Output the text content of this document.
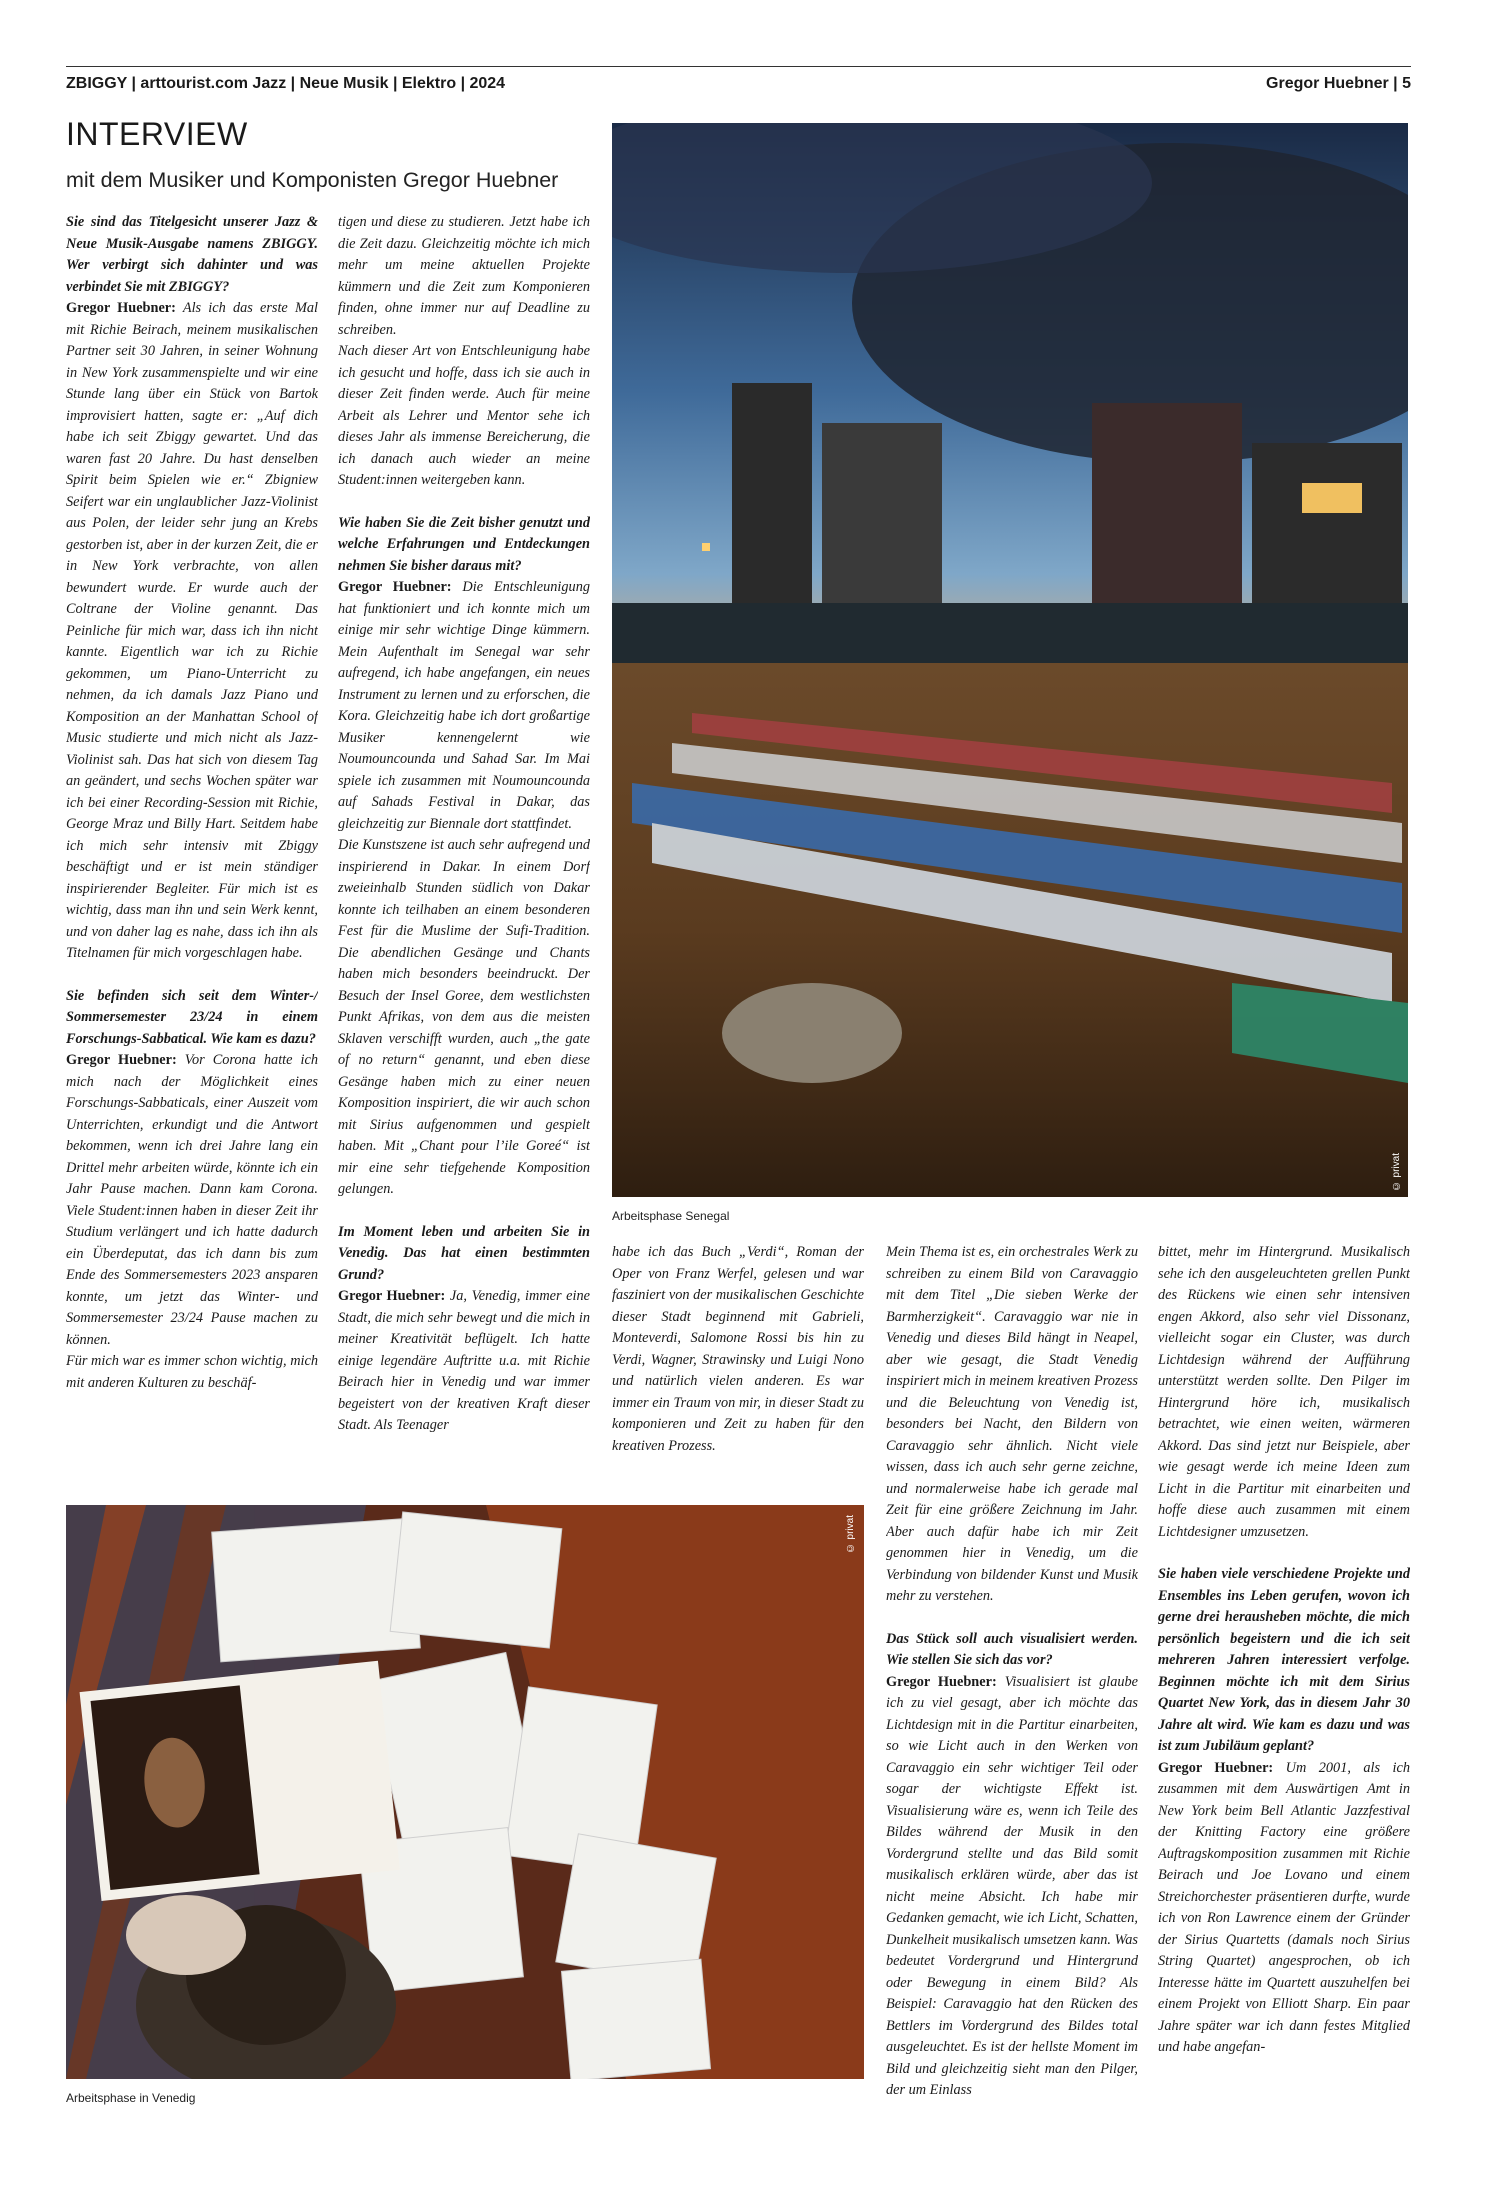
ZBIGGY | arttourist.com Jazz | Neue Musik | Elektro | 2024	Gregor Huebner | 5
INTERVIEW
mit dem Musiker und Komponisten Gregor Huebner

Sie sind das Titelgesicht unserer Jazz & Neue Musik-Ausgabe namens ZBIGGY. Wer verbirgt sich dahinter und was verbindet Sie mit ZBIGGY?

Gregor Huebner: Als ich das erste Mal mit Richie Beirach, meinem musikalischen Partner seit 30 Jahren, in seiner Wohnung in New York zusammenspielte und wir eine Stunde lang über ein Stück von Bartok improvisiert hatten, sagte er: „Auf dich habe ich seit Zbiggy gewartet. Und das waren fast 20 Jahre. Du hast denselben Spirit beim Spielen wie er.“ Zbigniew Seifert war ein unglaublicher Jazz-Violinist aus Polen, der leider sehr jung an Krebs gestorben ist, aber in der kurzen Zeit, die er in New York verbrachte, von allen bewundert wurde. Er wurde auch der Coltrane der Violine genannt. Das Peinliche für mich war, dass ich ihn nicht kannte. Eigentlich war ich zu Richie gekommen, um Piano-Unterricht zu nehmen, da ich damals Jazz Piano und Komposition an der Manhattan School of Music studierte und mich nicht als Jazz-Violinist sah. Das hat sich von diesem Tag an geändert, und sechs Wochen später war ich bei einer Recording-Session mit Richie, George Mraz und Billy Hart. Seitdem habe ich mich sehr intensiv mit Zbiggy beschäftigt und er ist mein ständiger inspirierender Begleiter. Für mich ist es wichtig, dass man ihn und sein Werk kennt, und von daher lag es nahe, dass ich ihn als Titelnamen für mich vorgeschlagen habe.

Sie befinden sich seit dem Winter-/ Sommersemester 23/24 in einem Forschungs-Sabbatical. Wie kam es dazu?

Gregor Huebner: Vor Corona hatte ich mich nach der Möglichkeit eines Forschungs-Sabbaticals, einer Auszeit vom Unterrichten, erkundigt und die Antwort bekommen, wenn ich drei Jahre lang ein Drittel mehr arbeiten würde, könnte ich ein Jahr Pause machen. Dann kam Corona. Viele Student:innen haben in dieser Zeit ihr Studium verlängert und ich hatte dadurch ein Überdeputat, das ich dann bis zum Ende des Sommersemesters 2023 ansparen konnte, um jetzt das Winter- und Sommersemester 23/24 Pause machen zu können.

Für mich war es immer schon wichtig, mich mit anderen Kulturen zu beschäf-

tigen und diese zu studieren. Jetzt habe ich die Zeit dazu. Gleichzeitig möchte ich mich mehr um meine aktuellen Projekte kümmern und die Zeit zum Komponieren finden, ohne immer nur auf Deadline zu schreiben.

Nach dieser Art von Entschleunigung habe ich gesucht und hoffe, dass ich sie auch in dieser Zeit finden werde. Auch für meine Arbeit als Lehrer und Mentor sehe ich dieses Jahr als immense Bereicherung, die ich danach auch wieder an meine Student:innen weitergeben kann.

Wie haben Sie die Zeit bisher genutzt und welche Erfahrungen und Entdeckungen nehmen Sie bisher daraus mit?

Gregor Huebner: Die Entschleunigung hat funktioniert und ich konnte mich um einige mir sehr wichtige Dinge kümmern. Mein Aufenthalt im Senegal war sehr aufregend, ich habe angefangen, ein neues Instrument zu lernen und zu erforschen, die Kora. Gleichzeitig habe ich dort großartige Musiker kennengelernt wie Noumouncounda und Sahad Sar. Im Mai spiele ich zusammen mit Noumouncounda auf Sahads Festival in Dakar, das gleichzeitig zur Biennale dort stattfindet.

Die Kunstszene ist auch sehr aufregend und inspirierend in Dakar. In einem Dorf zweieinhalb Stunden südlich von Dakar konnte ich teilhaben an einem besonderen Fest für die Muslime der Sufi-Tradition. Die abendlichen Gesänge und Chants haben mich besonders beeindruckt. Der Besuch der Insel Goree, dem westlichsten Punkt Afrikas, von dem aus die meisten Sklaven verschifft wurden, auch „the gate of no return“ genannt, und eben diese Gesänge haben mich zu einer neuen Komposition inspiriert, die wir auch schon mit Sirius aufgenommen und gespielt haben. Mit „Chant pour l’ile Goreé“ ist mir eine sehr tiefgehende Komposition gelungen.

Im Moment leben und arbeiten Sie in Venedig. Das hat einen bestimmten Grund?

Gregor Huebner: Ja, Venedig, immer eine Stadt, die mich sehr bewegt und die mich in meiner Kreativität beflügelt. Ich hatte einige legendäre Auftritte u.a. mit Richie Beirach hier in Venedig und war immer begeistert von der kreativen Kraft dieser Stadt. Als Teenager

© privat
Arbeitsphase Senegal

habe ich das Buch „Verdi“, Roman der Oper von Franz Werfel, gelesen und war fasziniert von der musikalischen Geschichte dieser Stadt beginnend mit Gabrieli, Monteverdi, Salomone Rossi bis hin zu Verdi, Wagner, Strawinsky und Luigi Nono und natürlich vielen anderen. Es war immer ein Traum von mir, in dieser Stadt zu komponieren und Zeit zu haben für den kreativen Prozess.

Mein Thema ist es, ein orchestrales Werk zu schreiben zu einem Bild von Caravaggio mit dem Titel „Die sieben Werke der Barmherzigkeit“. Caravaggio war nie in Venedig und dieses Bild hängt in Neapel, aber wie gesagt, die Stadt Venedig inspiriert mich in meinem kreativen Prozess und die Beleuchtung von Venedig ist, besonders bei Nacht, den Bildern von Caravaggio sehr ähnlich. Nicht viele wissen, dass ich auch sehr gerne zeichne, und normalerweise habe ich gerade mal Zeit für eine größere Zeichnung im Jahr. Aber auch dafür habe ich mir Zeit genommen hier in Venedig, um die Verbindung von bildender Kunst und Musik mehr zu verstehen.

Das Stück soll auch visualisiert werden. Wie stellen Sie sich das vor?

Gregor Huebner: Visualisiert ist glaube ich zu viel gesagt, aber ich möchte das Lichtdesign mit in die Partitur einarbeiten, so wie Licht auch in den Werken von Caravaggio ein sehr wichtiger Teil oder sogar der wichtigste Effekt ist. Visualisierung wäre es, wenn ich Teile des Bildes während der Musik in den Vordergrund stellte und das Bild somit musikalisch erklären würde, aber das ist nicht meine Absicht. Ich habe mir Gedanken gemacht, wie ich Licht, Schatten, Dunkelheit musikalisch umsetzen kann. Was bedeutet Vordergrund und Hintergrund oder Bewegung in einem Bild? Als Beispiel: Caravaggio hat den Rücken des Bettlers im Vordergrund des Bildes total ausgeleuchtet. Es ist der hellste Moment im Bild und gleichzeitig sieht man den Pilger, der um Einlass

bittet, mehr im Hintergrund. Musikalisch sehe ich den ausgeleuchteten grellen Punkt des Rückens wie einen sehr intensiven engen Akkord, also sehr viel Dissonanz, vielleicht sogar ein Cluster, was durch Lichtdesign während der Aufführung unterstützt werden sollte. Den Pilger im Hintergrund höre ich, musikalisch betrachtet, wie einen weiten, wärmeren Akkord. Das sind jetzt nur Beispiele, aber wie gesagt werde ich meine Ideen zum Licht in die Partitur mit einarbeiten und hoffe diese auch zusammen mit einem Lichtdesigner umzusetzen.

Sie haben viele verschiedene Projekte und Ensembles ins Leben gerufen, wovon ich gerne drei herausheben möchte, die mich persönlich begeistern und die ich seit mehreren Jahren interessiert verfolge. Beginnen möchte ich mit dem Sirius Quartet New York, das in diesem Jahr 30 Jahre alt wird. Wie kam es dazu und was ist zum Jubiläum geplant?

Gregor Huebner: Um 2001, als ich zusammen mit dem Auswärtigen Amt in New York beim Bell Atlantic Jazzfestival der Knitting Factory eine größere Auftragskomposition zusammen mit Richie Beirach und Joe Lovano und einem Streichorchester präsentieren durfte, wurde ich von Ron Lawrence einem der Gründer der Sirius Quartetts (damals noch Sirius String Quartet) angesprochen, ob ich Interesse hätte im Quartett auszuhelfen bei einem Projekt von Elliott Sharp. Ein paar Jahre später war ich dann festes Mitglied und habe angefan-

© privat
Arbeitsphase in Venedig
